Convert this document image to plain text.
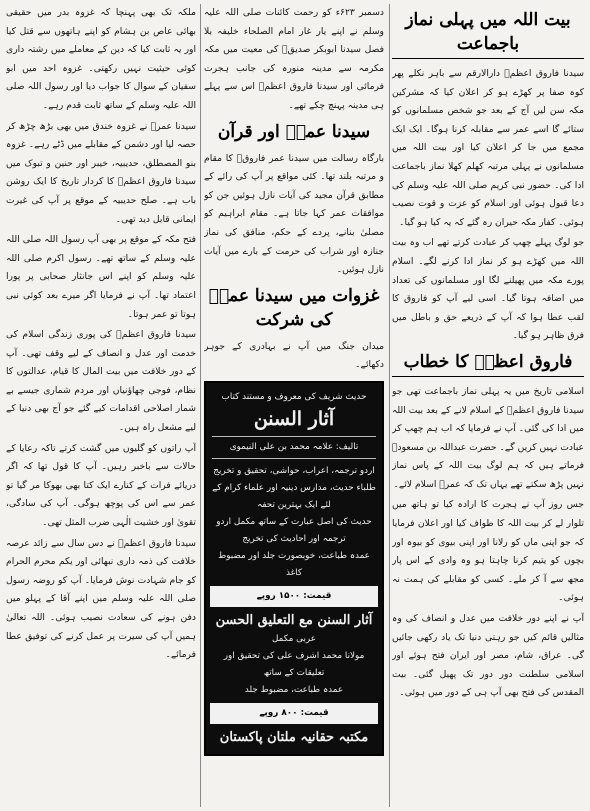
بیت اللہ میں پہلی نماز باجماعت

سیدنا فاروق اعظمؓ دارالارقم سے باہر نکلے پھر کوہ صفا پر کھڑے ہو کر اعلان کیا کہ مشرکین مکہ سن لیں آج کے بعد جو شخص مسلمانوں کو ستائے گا اسے عمر سے مقابلہ کرنا ہوگا۔ ایک ایک مجمع میں جا کر اعلان کیا اور بیت اللہ میں مسلمانوں نے پہلی مرتبہ کھلم کھلا نماز باجماعت ادا کی۔ حضور نبی کریم صلی اللہ علیہ وسلم کی دعا قبول ہوئی اور اسلام کو عزت و قوت نصیب ہوئی۔ کفار مکہ حیران رہ گئے کہ یہ کیا ہو گیا۔

جو لوگ پہلے چھپ کر عبادت کرتے تھے اب وہ بیت اللہ میں کھڑے ہو کر نماز ادا کرنے لگے۔ اسلام پورے مکہ میں پھیلنے لگا اور مسلمانوں کی تعداد میں اضافہ ہوتا گیا۔ اسی لیے آپ کو فاروق کا لقب عطا ہوا کہ آپ کے ذریعے حق و باطل میں فرق ظاہر ہو گیا۔

فاروق اعظمؓ کا خطاب

اسلامی تاریخ میں یہ پہلی نماز باجماعت تھی جو سیدنا فاروق اعظمؓ کے اسلام لانے کے بعد بیت اللہ میں ادا کی گئی۔ آپ نے فرمایا کہ اب ہم چھپ کر عبادت نہیں کریں گے۔ حضرت عبداللہ بن مسعودؓ فرماتے ہیں کہ ہم لوگ بیت اللہ کے پاس نماز نہیں پڑھ سکتے تھے یہاں تک کہ عمرؓ اسلام لائے۔

جس روز آپ نے ہجرت کا ارادہ کیا تو ہاتھ میں تلوار لے کر بیت اللہ کا طواف کیا اور اعلان فرمایا کہ جو اپنی ماں کو رلانا اور اپنی بیوی کو بیوہ اور بچوں کو یتیم کرنا چاہتا ہو وہ وادی کے اس پار مجھ سے آ کر ملے۔ کسی کو مقابلے کی ہمت نہ ہوئی۔

آپ نے اپنے دور خلافت میں عدل و انصاف کی وہ مثالیں قائم کیں جو رہتی دنیا تک یاد رکھی جائیں گی۔ عراق، شام، مصر اور ایران فتح ہوئے اور اسلامی سلطنت دور دور تک پھیل گئی۔ بیت المقدس کی فتح بھی آپ ہی کے دور میں ہوئی۔

دسمبر ۶۲۳ء کو رحمت کائنات صلی اللہ علیہ وسلم نے اپنے یار غار امام الصلحاء خلیفہ بلا فصل سیدنا ابوبکر صدیقؓ کی معیت میں مکہ مکرمہ سے مدینہ منورہ کی جانب ہجرت فرمائی اور سیدنا فاروق اعظمؓ اس سے پہلے ہی مدینہ پہنچ چکے تھے۔

سیدنا عمرؓ اور قرآن

بارگاہ رسالت میں سیدنا عمر فاروقؓ کا مقام و مرتبہ بلند تھا۔ کئی مواقع پر آپ کی رائے کے مطابق قرآن مجید کی آیات نازل ہوئیں جن کو موافقات عمر کہا جاتا ہے۔ مقام ابراہیم کو مصلیٰ بنانے، پردے کے حکم، منافق کی نماز جنازہ اور شراب کی حرمت کے بارے میں آیات نازل ہوئیں۔

غزوات میں سیدنا عمرؓ کی شرکت

میدان جنگ میں آپ نے بہادری کے جوہر دکھائے۔

حدیث شریف کی معروف و مستند کتاب
آثار السنن
تالیف: علامہ محمد بن علی النیموی
اردو ترجمہ، اعراب، حواشی، تحقیق و تخریج
طلباء حدیث، مدارس دینیہ اور علماء کرام کے لئے ایک بہترین تحفہ
حدیث کی اصل عبارت کے ساتھ مکمل اردو ترجمہ اور احادیث کی تخریج
عمدہ طباعت، خوبصورت جلد اور مضبوط کاغذ
قیمت: ۱۵۰۰ روپے
آثار السنن مع التعلیق الحسن
عربی مکمل
مولانا محمد اشرف علی کی تحقیق اور تعلیقات کے ساتھ
عمدہ طباعت، مضبوط جلد
قیمت: ۸۰۰ روپے
مکتبہ حقانیہ ملتان پاکستان

ملکہ تک بھی پہنچا کہ غزوہ بدر میں حقیقی بھائی عاص بن ہشام کو اپنے ہاتھوں سے قتل کیا اور یہ ثابت کیا کہ دین کے معاملے میں رشتہ داری کوئی حیثیت نہیں رکھتی۔ غزوہ احد میں ابو سفیان کے سوال کا جواب دیا اور رسول اللہ صلی اللہ علیہ وسلم کے ساتھ ثابت قدم رہے۔

سیدنا عمرؓ نے غزوہ خندق میں بھی بڑھ چڑھ کر حصہ لیا اور دشمن کے مقابلے میں ڈٹے رہے۔ غزوہ بنو المصطلق، حدیبیہ، خیبر اور حنین و تبوک میں سیدنا فاروق اعظمؓ کا کردار تاریخ کا ایک روشن باب ہے۔ صلح حدیبیہ کے موقع پر آپ کی غیرت ایمانی قابل دید تھی۔

فتح مکہ کے موقع پر بھی آپ رسول اللہ صلی اللہ علیہ وسلم کے ساتھ تھے۔ رسول اکرم صلی اللہ علیہ وسلم کو اپنے اس جانثار صحابی پر پورا اعتماد تھا۔ آپ نے فرمایا اگر میرے بعد کوئی نبی ہوتا تو عمر ہوتا۔

سیدنا فاروق اعظمؓ کی پوری زندگی اسلام کی خدمت اور عدل و انصاف کے لیے وقف تھی۔ آپ کے دور خلافت میں بیت المال کا قیام، عدالتوں کا نظام، فوجی چھاؤنیاں اور مردم شماری جیسے بے شمار اصلاحی اقدامات کیے گئے جو آج بھی دنیا کے لیے مشعل راہ ہیں۔

آپ راتوں کو گلیوں میں گشت کرتے تاکہ رعایا کے حالات سے باخبر رہیں۔ آپ کا قول تھا کہ اگر دریائے فرات کے کنارے ایک کتا بھی بھوکا مر گیا تو عمر سے اس کی پوچھ ہوگی۔ آپ کی سادگی، تقویٰ اور خشیت الٰہی ضرب المثل تھی۔

سیدنا فاروق اعظمؓ نے دس سال سے زائد عرصہ خلافت کی ذمہ داری نبھائی اور یکم محرم الحرام کو جام شہادت نوش فرمایا۔ آپ کو روضہ رسول صلی اللہ علیہ وسلم میں اپنے آقا کے پہلو میں دفن ہونے کی سعادت نصیب ہوئی۔ اللہ تعالیٰ ہمیں آپ کی سیرت پر عمل کرنے کی توفیق عطا فرمائے۔
